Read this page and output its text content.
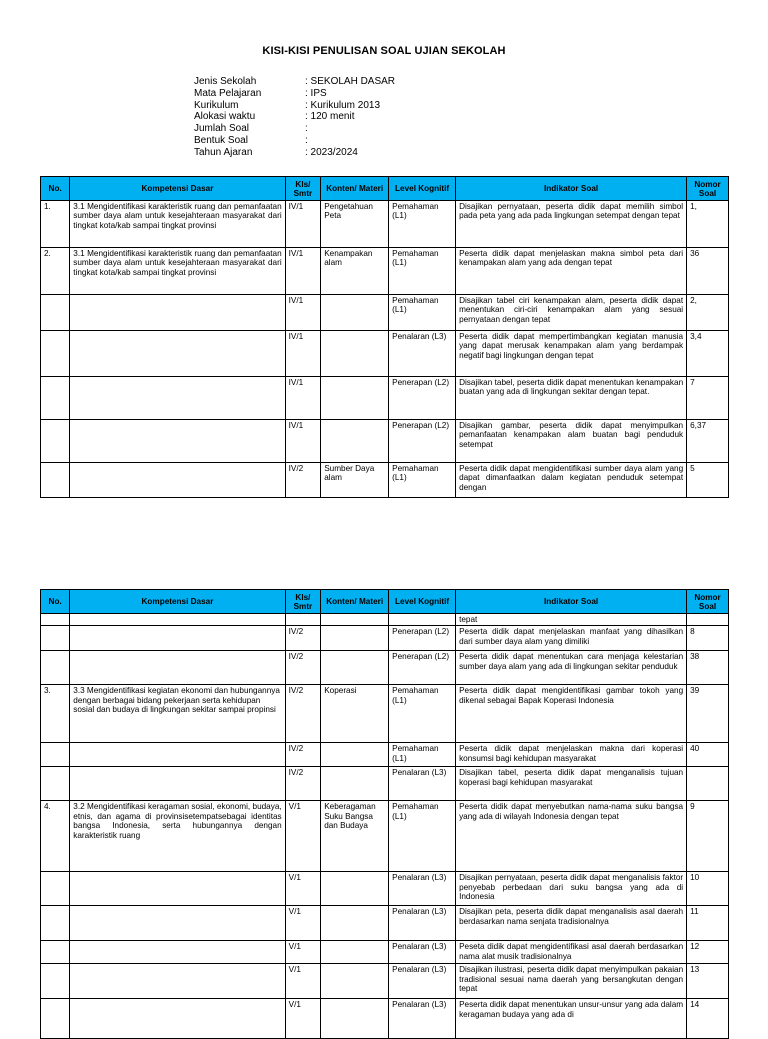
KISI-KISI PENULISAN SOAL UJIAN SEKOLAH
Jenis Sekolah	: SEKOLAH DASAR
Mata Pelajaran	: IPS
Kurikulum	: Kurikulum 2013
Alokasi waktu	: 120 menit
Jumlah Soal	:
Bentuk Soal	:
Tahun Ajaran	: 2023/2024
No.	Kompetensi Dasar	Kls/ Smtr	Konten/ Materi	Level Kognitif	Indikator Soal	Nomor Soal
1.	3.1 Mengidentifikasi karakteristik ruang dan pemanfaatan sumber daya alam untuk kesejahteraan masyarakat dari tingkat kota/kab sampai tingkat provinsi	IV/1	Pengetahuan Peta	Pemahaman (L1)	Disajikan pernyataan, peserta didik dapat memilih simbol pada peta yang ada pada lingkungan setempat dengan tepat	1,
2.	3.1 Mengidentifikasi karakteristik ruang dan pemanfaatan sumber daya alam untuk kesejahteraan masyarakat dari tingkat kota/kab sampai tingkat provinsi	IV/1	Kenampakan alam	Pemahaman (L1)	Peserta didik dapat menjelaskan makna simbol peta dari kenampakan alam yang ada dengan tepat	36
		IV/1		Pemahaman (L1)	Disajikan tabel ciri kenampakan alam, peserta didik dapat menentukan ciri-ciri kenampakan alam yang sesuai pernyataan dengan tepat	2,
		IV/1		Penalaran (L3)	Peserta didik dapat mempertimbangkan kegiatan manusia yang dapat merusak kenampakan alam yang berdampak negatif bagi lingkungan dengan tepat	3,4
		IV/1		Penerapan (L2)	Disajikan tabel, peserta didik dapat menentukan kenampakan buatan yang ada di lingkungan sekitar dengan tepat.	7
		IV/1		Penerapan (L2)	Disajikan gambar, peserta didik dapat menyimpulkan pemanfaatan kenampakan alam buatan bagi penduduk setempat	6,37
		IV/2	Sumber Daya alam	Pemahaman (L1)	Peserta didik dapat mengidentifikasi sumber daya alam yang dapat dimanfaatkan dalam kegiatan penduduk setempat dengan	5
No.	Kompetensi Dasar	Kls/ Smtr	Konten/ Materi	Level Kognitif	Indikator Soal	Nomor Soal
					tepat	
		IV/2		Penerapan (L2)	Peserta didik dapat menjelaskan manfaat yang dihasilkan dari sumber daya alam yang dimiliki	8
		IV/2		Penerapan (L2)	Peserta didik dapat menentukan cara menjaga kelestarian sumber daya alam yang ada di lingkungan sekitar penduduk	38
3.	3.3 Mengidentifikasi kegiatan ekonomi dan hubungannya dengan berbagai bidang pekerjaan serta kehidupan sosial dan budaya di lingkungan sekitar sampai propinsi	IV/2	Koperasi	Pemahaman (L1)	Peserta didik dapat mengidentifikasi gambar tokoh yang dikenal sebagai Bapak Koperasi Indonesia	39
		IV/2		Pemahaman (L1)	Peserta didik dapat menjelaskan makna dari koperasi konsumsi bagi kehidupan masyarakat	40
		IV/2		Penalaran (L3)	Disajikan tabel, peserta didik dapat menganalisis tujuan koperasi bagi kehidupan masyarakat	
4.	3.2 Mengidentifikasi keragaman sosial, ekonomi, budaya, etnis, dan agama di provinsisetempatsebagai identitas bangsa Indonesia, serta hubungannya dengan karakteristik ruang	V/1	Keberagaman Suku Bangsa dan Budaya	Pemahaman (L1)	Peserta didik dapat menyebutkan nama-nama suku bangsa yang ada di wilayah Indonesia dengan tepat	9
		V/1		Penalaran (L3)	Disajikan pernyataan, peserta didik dapat menganalisis faktor penyebab perbedaan dari suku bangsa yang ada di Indonesia	10
		V/1		Penalaran (L3)	Disajikan peta, peserta didik dapat menganalisis asal daerah berdasarkan nama senjata tradisionalnya	11
		V/1		Penalaran (L3)	Peseta didik dapat mengidentifikasi asal daerah berdasarkan nama alat musik tradisionalnya	12
		V/1		Penalaran (L3)	Disajikan ilustrasi, peserta didik dapat menyimpulkan pakaian tradisional sesuai nama daerah yang bersangkutan dengan tepat	13
		V/1		Penalaran (L3)	Peserta didik dapat menentukan unsur-unsur yang ada dalam keragaman budaya yang ada di	14
